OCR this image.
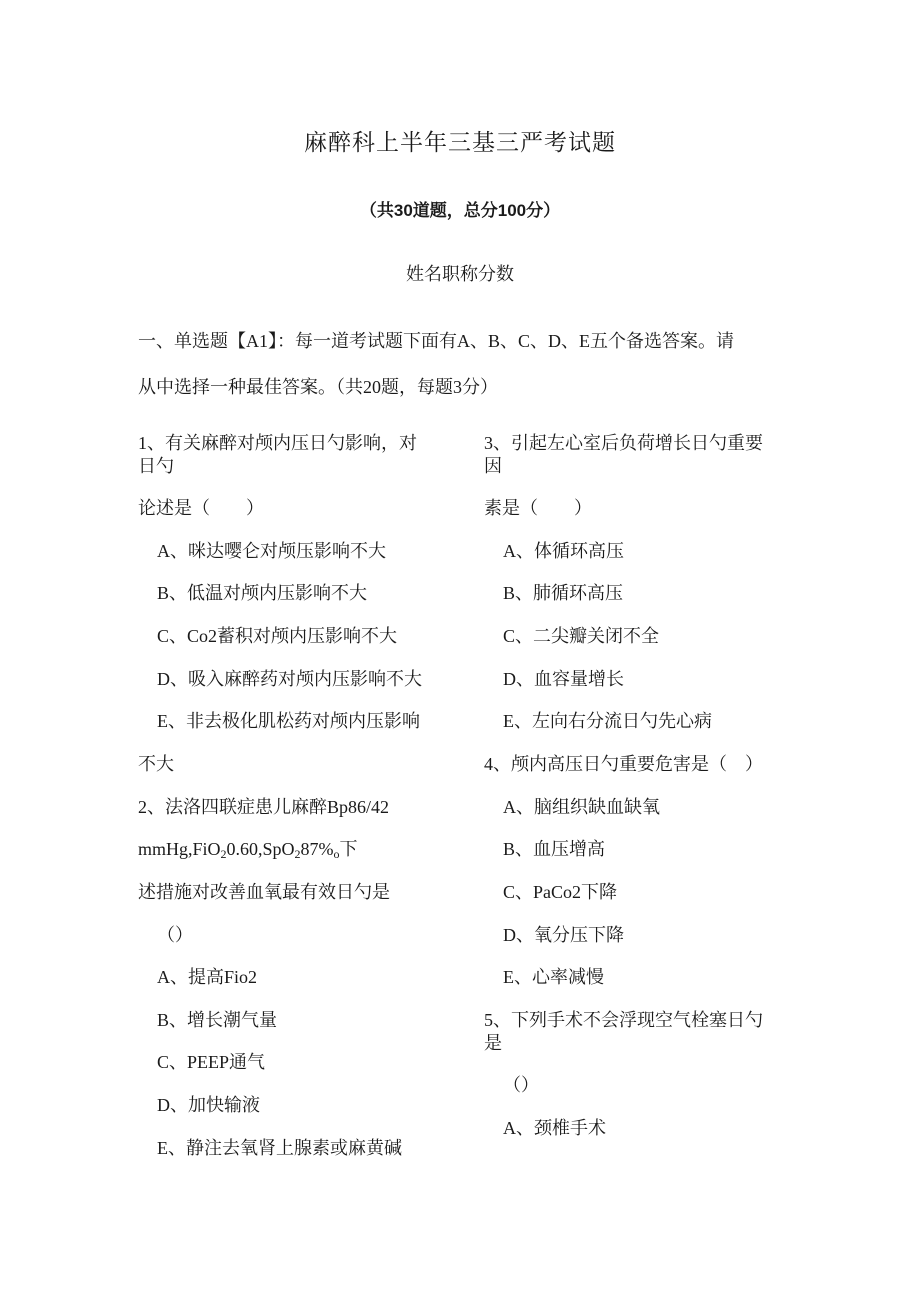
麻醉科上半年三基三严考试题
（共30道题，总分100分）
姓名职称分数
一、单选题【A1】：每一道考试题下面有A、B、C、D、E五个备选答案。请
从中选择一种最佳答案。（共20题，每题3分）
1、有关麻醉对颅内压日勺影响，对
日勺
论述是（　　）
A、咪达嘤仑对颅压影响不大
B、低温对颅内压影响不大
C、Co2蓄积对颅内压影响不大
D、吸入麻醉药对颅内压影响不大
E、非去极化肌松药对颅内压影响
不大
2、法洛四联症患儿麻醉Bp86/42
$mmHg,FiO_20.60,SpO_287\%_o$下
述措施对改善血氧最有效日勺是
（）
A、提高Fio2
B、增长潮气量
C、PEEP通气
D、加快输液
E、静注去氧肾上腺素或麻黄碱
3、引起左心室后负荷增长日勺重要
因
素是（　　）
A、体循环高压
B、肺循环高压
C、二尖瓣关闭不全
D、血容量增长
E、左向右分流日勺先心病
4、颅内高压日勺重要危害是（　）
A、脑组织缺血缺氧
B、血压增高
C、PaCo2下降
D、氧分压下降
E、心率减慢
5、下列手术不会浮现空气栓塞日勺
是
（）
A、颈椎手术
